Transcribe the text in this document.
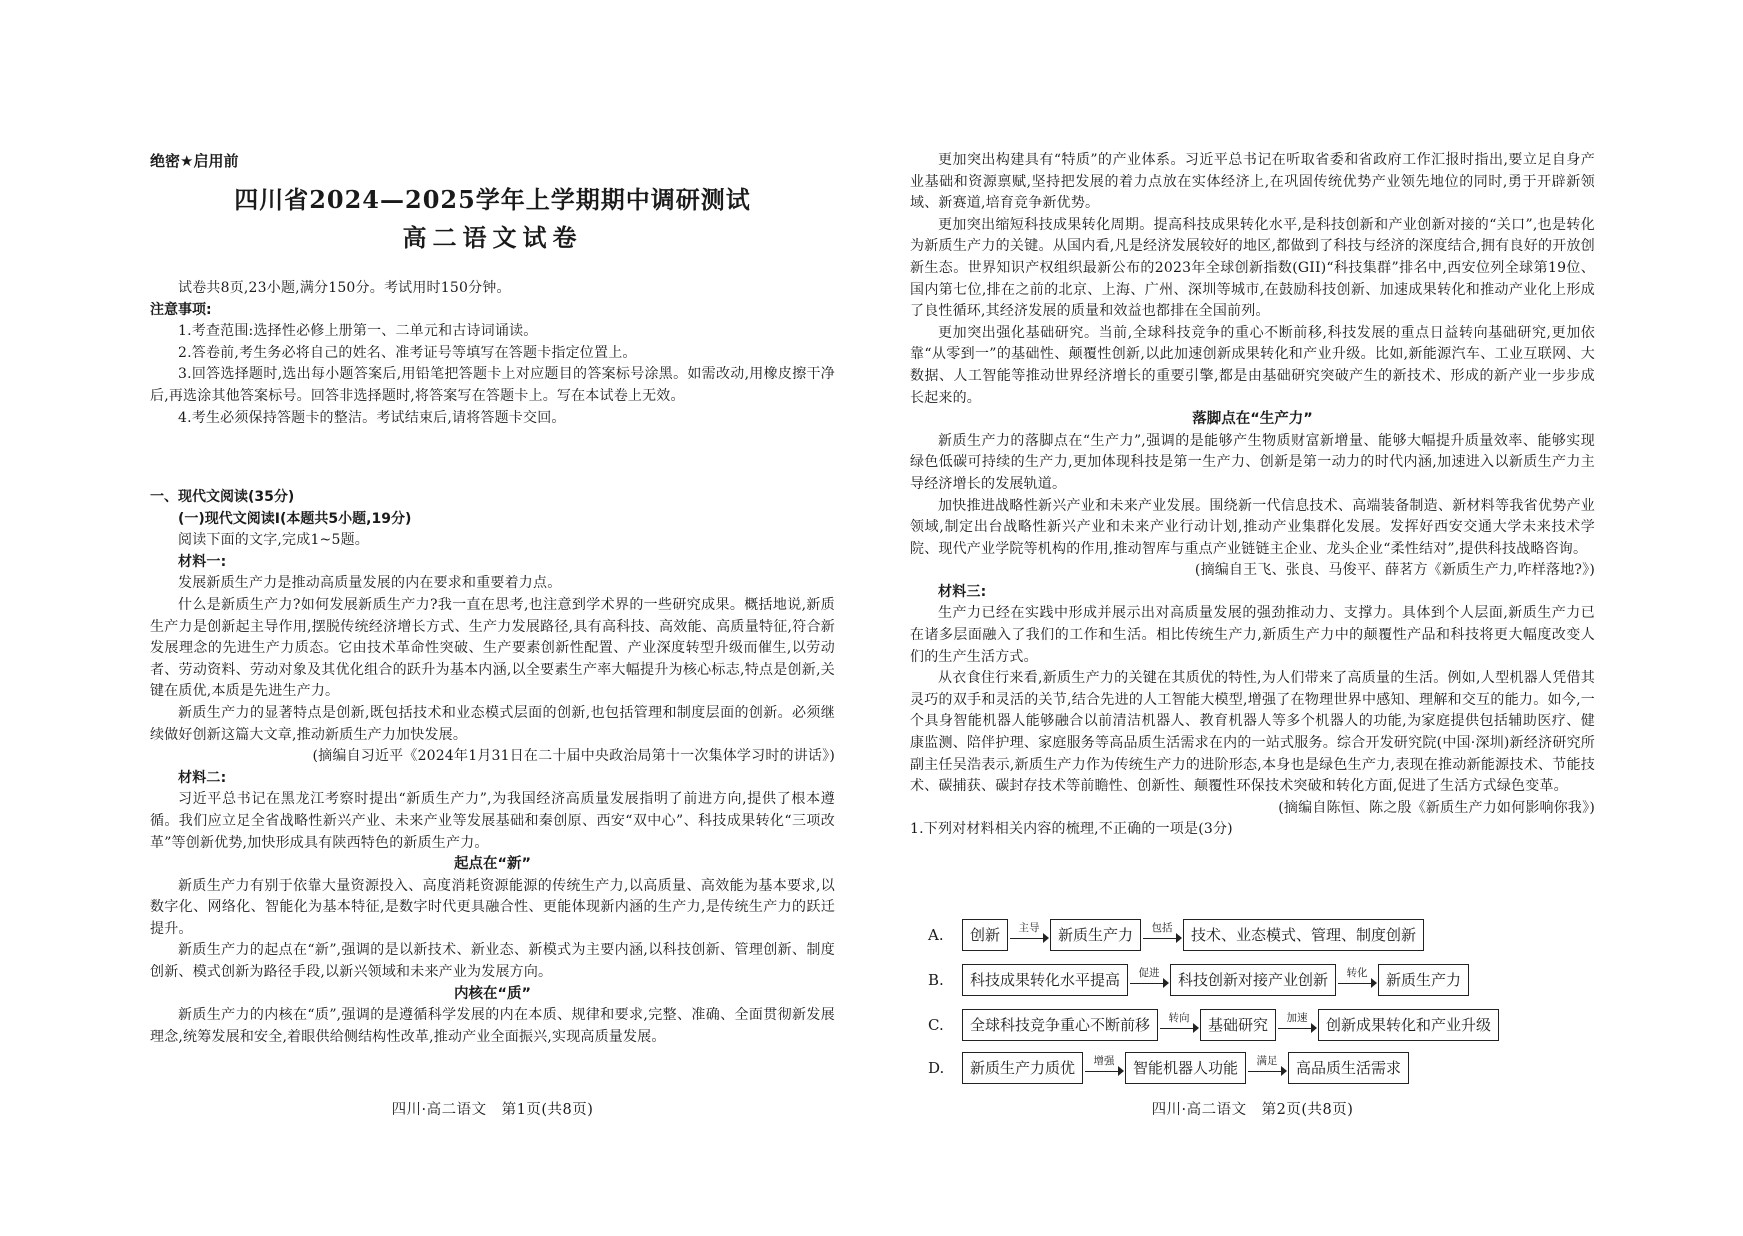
绝密★启用前
四川省2024—2025学年上学期期中调研测试
高二语文试卷

试卷共8页,23小题,满分150分。考试用时150分钟。

注意事项:

1.考查范围:选择性必修上册第一、二单元和古诗词诵读。

2.答卷前,考生务必将自己的姓名、准考证号等填写在答题卡指定位置上。

3.回答选择题时,选出每小题答案后,用铅笔把答题卡上对应题目的答案标号涂黑。如需改动,用橡皮擦干净后,再选涂其他答案标号。回答非选择题时,将答案写在答题卡上。写在本试卷上无效。

4.考生必须保持答题卡的整洁。考试结束后,请将答题卡交回。

一、现代文阅读(35分)

(一)现代文阅读Ⅰ(本题共5小题,19分)

阅读下面的文字,完成1~5题。

材料一:

发展新质生产力是推动高质量发展的内在要求和重要着力点。

什么是新质生产力?如何发展新质生产力?我一直在思考,也注意到学术界的一些研究成果。概括地说,新质生产力是创新起主导作用,摆脱传统经济增长方式、生产力发展路径,具有高科技、高效能、高质量特征,符合新发展理念的先进生产力质态。它由技术革命性突破、生产要素创新性配置、产业深度转型升级而催生,以劳动者、劳动资料、劳动对象及其优化组合的跃升为基本内涵,以全要素生产率大幅提升为核心标志,特点是创新,关键在质优,本质是先进生产力。

新质生产力的显著特点是创新,既包括技术和业态模式层面的创新,也包括管理和制度层面的创新。必须继续做好创新这篇大文章,推动新质生产力加快发展。

(摘编自习近平《2024年1月31日在二十届中央政治局第十一次集体学习时的讲话》)

材料二:

习近平总书记在黑龙江考察时提出“新质生产力”,为我国经济高质量发展指明了前进方向,提供了根本遵循。我们应立足全省战略性新兴产业、未来产业等发展基础和秦创原、西安“双中心”、科技成果转化“三项改革”等创新优势,加快形成具有陕西特色的新质生产力。

起点在“新”

新质生产力有别于依靠大量资源投入、高度消耗资源能源的传统生产力,以高质量、高效能为基本要求,以数字化、网络化、智能化为基本特征,是数字时代更具融合性、更能体现新内涵的生产力,是传统生产力的跃迁提升。

新质生产力的起点在“新”,强调的是以新技术、新业态、新模式为主要内涵,以科技创新、管理创新、制度创新、模式创新为路径手段,以新兴领域和未来产业为发展方向。

内核在“质”

新质生产力的内核在“质”,强调的是遵循科学发展的内在本质、规律和要求,完整、准确、全面贯彻新发展理念,统筹发展和安全,着眼供给侧结构性改革,推动产业全面振兴,实现高质量发展。

四川·高二语文　第1页(共8页)

更加突出构建具有“特质”的产业体系。习近平总书记在听取省委和省政府工作汇报时指出,要立足自身产业基础和资源禀赋,坚持把发展的着力点放在实体经济上,在巩固传统优势产业领先地位的同时,勇于开辟新领域、新赛道,培育竞争新优势。

更加突出缩短科技成果转化周期。提高科技成果转化水平,是科技创新和产业创新对接的“关口”,也是转化为新质生产力的关键。从国内看,凡是经济发展较好的地区,都做到了科技与经济的深度结合,拥有良好的开放创新生态。世界知识产权组织最新公布的2023年全球创新指数(GII)“科技集群”排名中,西安位列全球第19位、国内第七位,排在之前的北京、上海、广州、深圳等城市,在鼓励科技创新、加速成果转化和推动产业化上形成了良性循环,其经济发展的质量和效益也都排在全国前列。

更加突出强化基础研究。当前,全球科技竞争的重心不断前移,科技发展的重点日益转向基础研究,更加依靠“从零到一”的基础性、颠覆性创新,以此加速创新成果转化和产业升级。比如,新能源汽车、工业互联网、大数据、人工智能等推动世界经济增长的重要引擎,都是由基础研究突破产生的新技术、形成的新产业一步步成长起来的。

落脚点在“生产力”

新质生产力的落脚点在“生产力”,强调的是能够产生物质财富新增量、能够大幅提升质量效率、能够实现绿色低碳可持续的生产力,更加体现科技是第一生产力、创新是第一动力的时代内涵,加速进入以新质生产力主导经济增长的发展轨道。

加快推进战略性新兴产业和未来产业发展。围绕新一代信息技术、高端装备制造、新材料等我省优势产业领域,制定出台战略性新兴产业和未来产业行动计划,推动产业集群化发展。发挥好西安交通大学未来技术学院、现代产业学院等机构的作用,推动智库与重点产业链链主企业、龙头企业“柔性结对”,提供科技战略咨询。

(摘编自王飞、张良、马俊平、薛茗方《新质生产力,咋样落地?》)

材料三:

生产力已经在实践中形成并展示出对高质量发展的强劲推动力、支撑力。具体到个人层面,新质生产力已在诸多层面融入了我们的工作和生活。相比传统生产力,新质生产力中的颠覆性产品和科技将更大幅度改变人们的生产生活方式。

从衣食住行来看,新质生产力的关键在其质优的特性,为人们带来了高质量的生活。例如,人型机器人凭借其灵巧的双手和灵活的关节,结合先进的人工智能大模型,增强了在物理世界中感知、理解和交互的能力。如今,一个具身智能机器人能够融合以前清洁机器人、教育机器人等多个机器人的功能,为家庭提供包括辅助医疗、健康监测、陪伴护理、家庭服务等高品质生活需求在内的一站式服务。综合开发研究院(中国·深圳)新经济研究所副主任吴浩表示,新质生产力作为传统生产力的进阶形态,本身也是绿色生产力,表现在推动新能源技术、节能技术、碳捕获、碳封存技术等前瞻性、创新性、颠覆性环保技术突破和转化方面,促进了生活方式绿色变革。

(摘编自陈恒、陈之殷《新质生产力如何影响你我》)

1.下列对材料相关内容的梳理,不正确的一项是(3分)

A.	创新	主导	新质生产力	包括	技术、业态模式、管理、制度创新
B.	科技成果转化水平提高	促进	科技创新对接产业创新	转化	新质生产力
C.	全球科技竞争重心不断前移	转向	基础研究	加速	创新成果转化和产业升级
D.	新质生产力质优	增强	智能机器人功能	满足	高品质生活需求
四川·高二语文　第2页(共8页)
